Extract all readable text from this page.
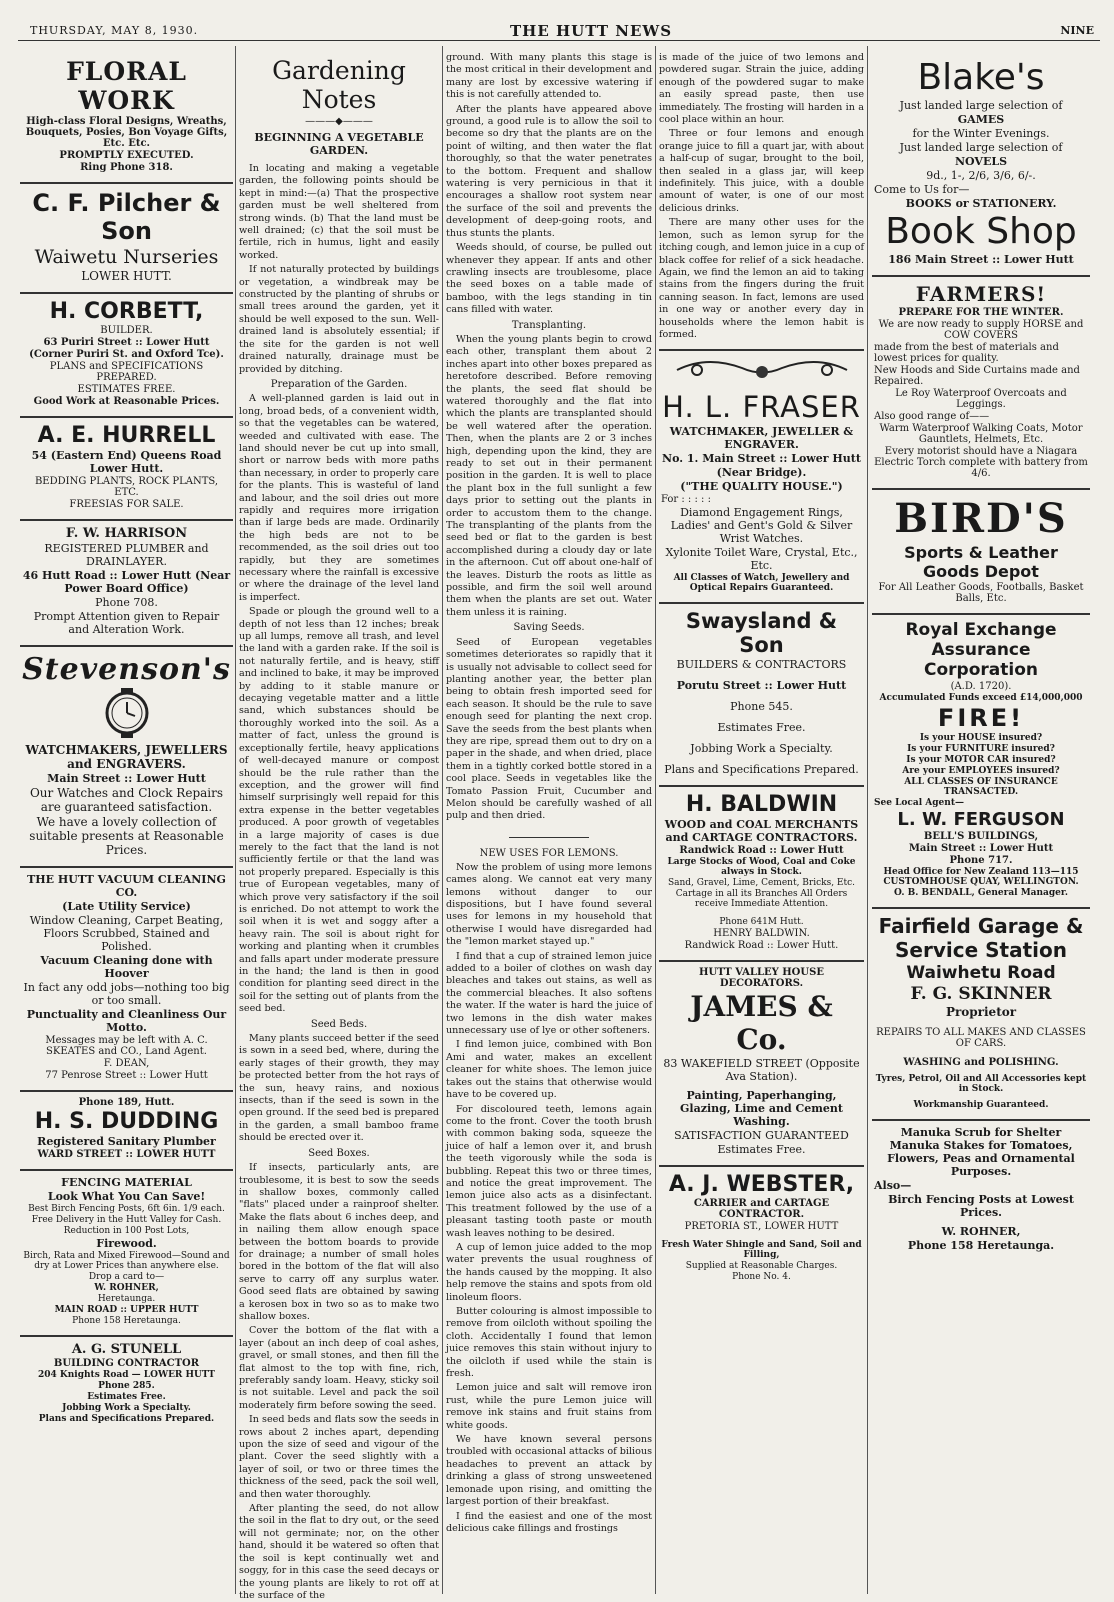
THURSDAY, MAY 8, 1930.	THE HUTT NEWS	NINE

FLORAL WORK

High-class Floral Designs, Wreaths, Bouquets, Posies, Bon Voyage Gifts, Etc. Etc.

PROMPTLY EXECUTED.

Ring Phone 318.

C. F. Pilcher & Son

Waiwetu Nurseries

LOWER HUTT.

H. CORBETT,

BUILDER.

63 Puriri Street :: Lower Hutt

(Corner Puriri St. and Oxford Tce).

PLANS and SPECIFICATIONS PREPARED.

ESTIMATES FREE.

Good Work at Reasonable Prices.

A. E. HURRELL

54 (Eastern End) Queens Road Lower Hutt.

BEDDING PLANTS, ROCK PLANTS, ETC.

FREESIAS FOR SALE.

F. W. HARRISON

REGISTERED PLUMBER and DRAINLAYER.

46 Hutt Road :: Lower Hutt (Near Power Board Office)

Phone 708.

Prompt Attention given to Repair and Alteration Work.

Stevenson's

WATCHMAKERS, JEWELLERS and ENGRAVERS.

Main Street :: Lower Hutt

Our Watches and Clock Repairs are guaranteed satisfaction.

We have a lovely collection of suitable presents at Reasonable Prices.

THE HUTT VACUUM CLEANING CO.

(Late Utility Service)

Window Cleaning, Carpet Beating, Floors Scrubbed, Stained and Polished.

Vacuum Cleaning done with Hoover

In fact any odd jobs—nothing too big or too small.

Punctuality and Cleanliness Our Motto.

Messages may be left with A. C. SKEATES and CO., Land Agent.

F. DEAN,

77 Penrose Street :: Lower Hutt

Phone 189, Hutt.

H. S. DUDDING

Registered Sanitary Plumber

WARD STREET :: LOWER HUTT

FENCING MATERIAL

Look What You Can Save!

Best Birch Fencing Posts, 6ft 6in. 1/9 each.

Free Delivery in the Hutt Valley for Cash.

Reduction in 100 Post Lots,

Firewood.

Birch, Rata and Mixed Firewood—Sound and dry at Lower Prices than anywhere else.

Drop a card to—

W. ROHNER,

Heretaunga.

MAIN ROAD :: UPPER HUTT

Phone 158 Heretaunga.

A. G. STUNELL

BUILDING CONTRACTOR

204 Knights Road — LOWER HUTT

Phone 285.

Estimates Free.

Jobbing Work a Specialty.

Plans and Specifications Prepared.

Gardening Notes
———◆———
BEGINNING A VEGETABLE GARDEN.

In locating and making a vegetable garden, the following points should be kept in mind:—(a) That the prospective garden must be well sheltered from strong winds. (b) That the land must be well drained; (c) that the soil must be fertile, rich in humus, light and easily worked.

If not naturally protected by buildings or vegetation, a windbreak may be constructed by the planting of shrubs or small trees around the garden, yet it should be well exposed to the sun. Well-drained land is absolutely essential; if the site for the garden is not well drained naturally, drainage must be provided by ditching.

Preparation of the Garden.

A well-planned garden is laid out in long, broad beds, of a convenient width, so that the vegetables can be watered, weeded and cultivated with ease. The land should never be cut up into small, short or narrow beds with more paths than necessary, in order to properly care for the plants. This is wasteful of land and labour, and the soil dries out more rapidly and requires more irrigation than if large beds are made. Ordinarily the high beds are not to be recommended, as the soil dries out too rapidly, but they are sometimes necessary where the rainfall is excessive or where the drainage of the level land is imperfect.

Spade or plough the ground well to a depth of not less than 12 inches; break up all lumps, remove all trash, and level the land with a garden rake. If the soil is not naturally fertile, and is heavy, stiff and inclined to bake, it may be improved by adding to it stable manure or decaying vegetable matter and a little sand, which substances should be thoroughly worked into the soil. As a matter of fact, unless the ground is exceptionally fertile, heavy applications of well-decayed manure or compost should be the rule rather than the exception, and the grower will find himself surprisingly well repaid for this extra expense in the better vegetables produced. A poor growth of vegetables in a large majority of cases is due merely to the fact that the land is not sufficiently fertile or that the land was not properly prepared. Especially is this true of European vegetables, many of which prove very satisfactory if the soil is enriched. Do not attempt to work the soil when it is wet and soggy after a heavy rain. The soil is about right for working and planting when it crumbles and falls apart under moderate pressure in the hand; the land is then in good condition for planting seed direct in the soil for the setting out of plants from the seed bed.

Seed Beds.

Many plants succeed better if the seed is sown in a seed bed, where, during the early stages of their growth, they may be protected better from the hot rays of the sun, heavy rains, and noxious insects, than if the seed is sown in the open ground. If the seed bed is prepared in the garden, a small bamboo frame should be erected over it.

Seed Boxes.

If insects, particularly ants, are troublesome, it is best to sow the seeds in shallow boxes, commonly called "flats" placed under a rainproof shelter. Make the flats about 6 inches deep, and in nailing them allow enough space between the bottom boards to provide for drainage; a number of small holes bored in the bottom of the flat will also serve to carry off any surplus water. Good seed flats are obtained by sawing a kerosen box in two so as to make two shallow boxes.

Cover the bottom of the flat with a layer (about an inch deep of coal ashes, gravel, or small stones, and then fill the flat almost to the top with fine, rich, preferably sandy loam. Heavy, sticky soil is not suitable. Level and pack the soil moderately firm before sowing the seed.

In seed beds and flats sow the seeds in rows about 2 inches apart, depending upon the size of seed and vigour of the plant. Cover the seed slightly with a layer of soil, or two or three times the thickness of the seed, pack the soil well, and then water thoroughly.

After planting the seed, do not allow the soil in the flat to dry out, or the seed will not germinate; nor, on the other hand, should it be watered so often that the soil is kept continually wet and soggy, for in this case the seed decays or the young plants are likely to rot off at the surface of the

ground. With many plants this stage is the most critical in their development and many are lost by excessive watering if this is not carefully attended to.

After the plants have appeared above ground, a good rule is to allow the soil to become so dry that the plants are on the point of wilting, and then water the flat thoroughly, so that the water penetrates to the bottom. Frequent and shallow watering is very pernicious in that it encourages a shallow root system near the surface of the soil and prevents the development of deep-going roots, and thus stunts the plants.

Weeds should, of course, be pulled out whenever they appear. If ants and other crawling insects are troublesome, place the seed boxes on a table made of bamboo, with the legs standing in tin cans filled with water.

Transplanting.

When the young plants begin to crowd each other, transplant them about 2 inches apart into other boxes prepared as heretofore described. Before removing the plants, the seed flat should be watered thoroughly and the flat into which the plants are transplanted should be well watered after the operation. Then, when the plants are 2 or 3 inches high, depending upon the kind, they are ready to set out in their permanent position in the garden. It is well to place the plant box in the full sunlight a few days prior to setting out the plants in order to accustom them to the change. The transplanting of the plants from the seed bed or flat to the garden is best accomplished during a cloudy day or late in the afternoon. Cut off about one-half of the leaves. Disturb the roots as little as possible, and firm the soil well around them when the plants are set out. Water them unless it is raining.

Saving Seeds.

Seed of European vegetables sometimes deteriorates so rapidly that it is usually not advisable to collect seed for planting another year, the better plan being to obtain fresh imported seed for each season. It should be the rule to save enough seed for planting the next crop. Save the seeds from the best plants when they are ripe, spread them out to dry on a paper in the shade, and when dried, place them in a tightly corked bottle stored in a cool place. Seeds in vegetables like the Tomato Passion Fruit, Cucumber and Melon should be carefully washed of all pulp and then dried.

NEW USES FOR LEMONS.

Now the problem of using more lemons cames along. We cannot eat very many lemons without danger to our dispositions, but I have found several uses for lemons in my household that otherwise I would have disregarded had the "lemon market stayed up."

I find that a cup of strained lemon juice added to a boiler of clothes on wash day bleaches and takes out stains, as well as the commercial bleaches. It also softens the water. If the water is hard the juice of two lemons in the dish water makes unnecessary use of lye or other softeners.

I find lemon juice, combined with Bon Ami and water, makes an excellent cleaner for white shoes. The lemon juice takes out the stains that otherwise would have to be covered up.

For discoloured teeth, lemons again come to the front. Cover the tooth brush with common baking soda, squeeze the juice of half a lemon over it, and brush the teeth vigorously while the soda is bubbling. Repeat this two or three times, and notice the great improvement. The lemon juice also acts as a disinfectant. This treatment followed by the use of a pleasant tasting tooth paste or mouth wash leaves nothing to be desired.

A cup of lemon juice added to the mop water prevents the usual roughness of the hands caused by the mopping. It also help remove the stains and spots from old linoleum floors.

Butter colouring is almost impossible to remove from oilcloth without spoiling the cloth. Accidentally I found that lemon juice removes this stain without injury to the oilcloth if used while the stain is fresh.

Lemon juice and salt will remove iron rust, while the pure Lemon juice will remove ink stains and fruit stains from white goods.

We have known several persons troubled with occasional attacks of bilious headaches to prevent an attack by drinking a glass of strong unsweetened lemonade upon rising, and omitting the largest portion of their breakfast.

I find the easiest and one of the most delicious cake fillings and frostings

is made of the juice of two lemons and powdered sugar. Strain the juice, adding enough of the powdered sugar to make an easily spread paste, then use immediately. The frosting will harden in a cool place within an hour.

Three or four lemons and enough orange juice to fill a quart jar, with about a half-cup of sugar, brought to the boil, then sealed in a glass jar, will keep indefinitely. This juice, with a double amount of water, is one of our most delicious drinks.

There are many other uses for the lemon, such as lemon syrup for the itching cough, and lemon juice in a cup of black coffee for relief of a sick headache. Again, we find the lemon an aid to taking stains from the fingers during the fruit canning season. In fact, lemons are used in one way or another every day in households where the lemon habit is formed.

H. L. FRASER

WATCHMAKER, JEWELLER & ENGRAVER.

No. 1. Main Street :: Lower Hutt

(Near Bridge).

("THE QUALITY HOUSE.")

For : : : : :

Diamond Engagement Rings, Ladies' and Gent's Gold & Silver Wrist Watches.

Xylonite Toilet Ware, Crystal, Etc., Etc.

All Classes of Watch, Jewellery and Optical Repairs Guaranteed.

Swaysland & Son

BUILDERS & CONTRACTORS

Porutu Street :: Lower Hutt

Phone 545.

Estimates Free.

Jobbing Work a Specialty.

Plans and Specifications Prepared.

H. BALDWIN

WOOD and COAL MERCHANTS and CARTAGE CONTRACTORS.

Randwick Road :: Lower Hutt

Large Stocks of Wood, Coal and Coke always in Stock.

Sand, Gravel, Lime, Cement, Bricks, Etc.

Cartage in all its Branches All Orders receive Immediate Attention.

Phone 641M Hutt.

HENRY BALDWIN.

Randwick Road :: Lower Hutt.

HUTT VALLEY HOUSE DECORATORS.

JAMES & Co.

83 WAKEFIELD STREET (Opposite Ava Station).

Painting, Paperhanging, Glazing, Lime and Cement Washing.

SATISFACTION GUARANTEED

Estimates Free.

A. J. WEBSTER,

CARRIER and CARTAGE CONTRACTOR.

PRETORIA ST., LOWER HUTT

Fresh Water Shingle and Sand, Soil and Filling,

Supplied at Reasonable Charges.

Phone No. 4.

Blake's

Just landed large selection of

GAMES

for the Winter Evenings.

Just landed large selection of

NOVELS

9d., 1-, 2/6, 3/6, 6/-.

Come to Us for—

BOOKS or STATIONERY.

Book Shop

186 Main Street :: Lower Hutt

FARMERS!

PREPARE FOR THE WINTER.

We are now ready to supply HORSE and COW COVERS

made from the best of materials and lowest prices for quality.

New Hoods and Side Curtains made and Repaired.

Le Roy Waterproof Overcoats and Leggings.

Also good range of——

Warm Waterproof Walking Coats, Motor Gauntlets, Helmets, Etc.

Every motorist should have a Niagara Electric Torch complete with battery from 4/6.

BIRD'S

Sports & Leather Goods Depot

For All Leather Goods, Footballs, Basket Balls, Etc.

Royal Exchange Assurance Corporation

(A.D. 1720).

Accumulated Funds exceed £14,000,000

FIRE!

Is your HOUSE insured?

Is your FURNITURE insured?

Is your MOTOR CAR insured?

Are your EMPLOYEES insured?

ALL CLASSES OF INSURANCE TRANSACTED.

See Local Agent—

L. W. FERGUSON

BELL'S BUILDINGS,

Main Street :: Lower Hutt

Phone 717.

Head Office for New Zealand 113—115 CUSTOMHOUSE QUAY, WELLINGTON.

O. B. BENDALL, General Manager.

Fairfield Garage & Service Station

Waiwhetu Road

F. G. SKINNER

Proprietor

REPAIRS TO ALL MAKES AND CLASSES OF CARS.

WASHING and POLISHING.

Tyres, Petrol, Oil and All Accessories kept in Stock.

Workmanship Guaranteed.

Manuka Scrub for Shelter Manuka Stakes for Tomatoes, Flowers, Peas and Ornamental Purposes.

Also—

Birch Fencing Posts at Lowest Prices.

W. ROHNER,

Phone 158 Heretaunga.
